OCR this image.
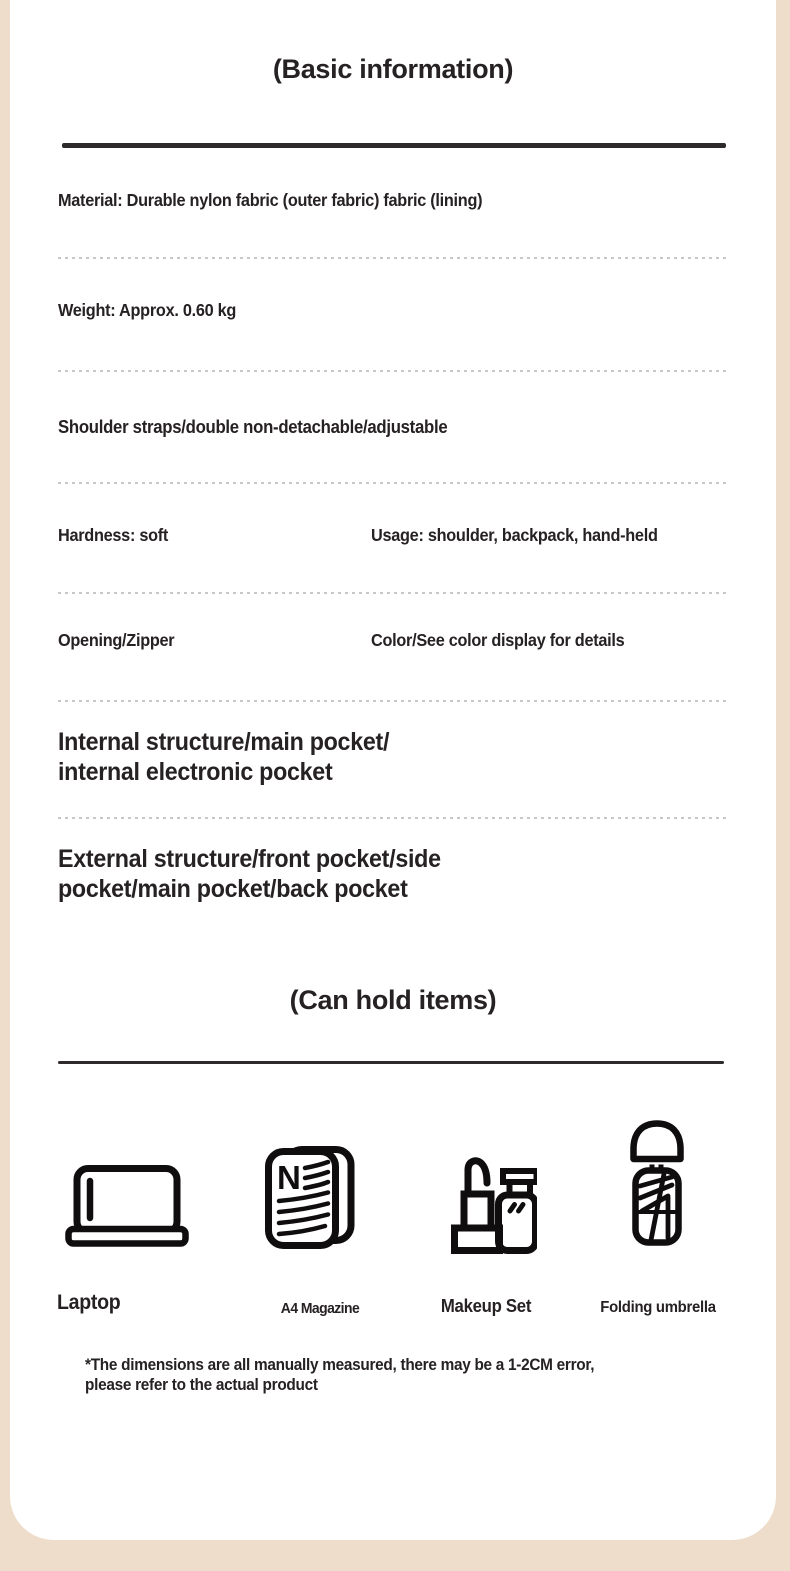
(Basic information)
Material: Durable nylon fabric (outer fabric) fabric (lining)
Weight: Approx. 0.60 kg
Shoulder straps/double non-detachable/adjustable
Hardness: soft	Usage: shoulder, backpack, hand-held
Opening/Zipper	Color/See color display for details
Internal structure/main pocket/
internal electronic pocket
External structure/front pocket/side
pocket/main pocket/back pocket
(Can hold items)
N
Laptop	A4 Magazine	Makeup Set	Folding umbrella
*The dimensions are all manually measured, there may be a 1-2CM error,
please refer to the actual product
